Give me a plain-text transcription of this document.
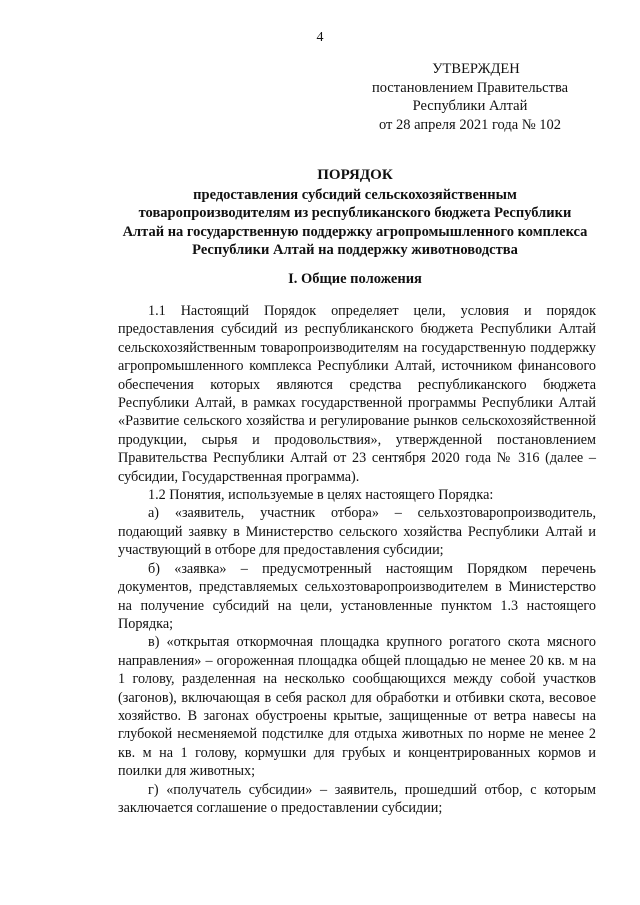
4
УТВЕРЖДЕН
постановлением Правительства
Республики Алтай
от 28 апреля 2021 года № 102
ПОРЯДОК
предоставления субсидий сельскохозяйственным
товаропроизводителям из республиканского бюджета Республики
Алтай на государственную поддержку агропромышленного комплекса
Республики Алтай на поддержку животноводства
I. Общие положения

1.1 Настоящий Порядок определяет цели, условия и порядок предоставления субсидий из республиканского бюджета Республики Алтай сельскохозяйственным товаропроизводителям на государственную поддержку агропромышленного комплекса Республики Алтай, источником финансового обеспечения которых являются средства республиканского бюджета Республики Алтай, в рамках государственной программы Республики Алтай «Развитие сельского хозяйства и регулирование рынков сельскохозяйственной продукции, сырья и продовольствия», утвержденной постановлением Правительства Республики Алтай от 23 сентября 2020 года № 316 (далее – субсидии, Государственная программа).

1.2 Понятия, используемые в целях настоящего Порядка:

а) «заявитель, участник отбора» – сельхозтоваропроизводитель, подающий заявку в Министерство сельского хозяйства Республики Алтай и участвующий в отборе для предоставления субсидии;

б) «заявка» – предусмотренный настоящим Порядком перечень документов, представляемых сельхозтоваропроизводителем в Министерство на получение субсидий на цели, установленные пунктом 1.3 настоящего Порядка;

в) «открытая откормочная площадка крупного рогатого скота мясного направления» – огороженная площадка общей площадью не менее 20 кв. м на 1 голову, разделенная на несколько сообщающихся между собой участков (загонов), включающая в себя раскол для обработки и отбивки скота, весовое хозяйство. В загонах обустроены крытые, защищенные от ветра навесы на глубокой несменяемой подстилке для отдыха животных по норме не менее 2 кв. м на 1 голову, кормушки для грубых и концентрированных кормов и поилки для животных;

г) «получатель субсидии» – заявитель, прошедший отбор, с которым заключается соглашение о предоставлении субсидии;
